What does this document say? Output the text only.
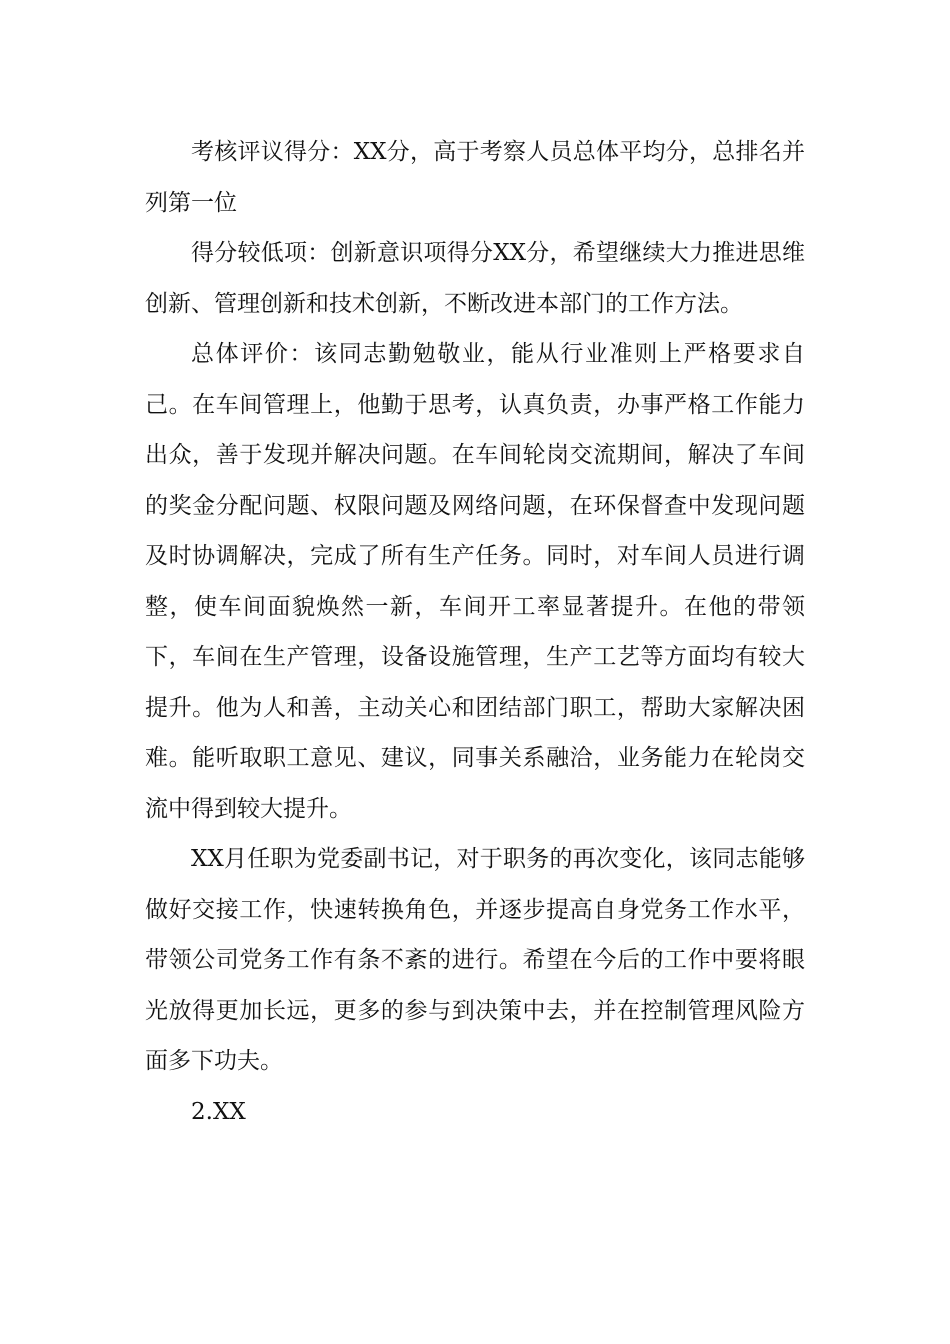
考核评议得分：XX分，高于考察人员总体平均分，总排名并列第一位

得分较低项：创新意识项得分XX分，希望继续大力推进思维创新、管理创新和技术创新，不断改进本部门的工作方法。

总体评价：该同志勤勉敬业，能从行业准则上严格要求自己。在车间管理上，他勤于思考，认真负责，办事严格工作能力出众，善于发现并解决问题。在车间轮岗交流期间，解决了车间的奖金分配问题、权限问题及网络问题，在环保督查中发现问题及时协调解决，完成了所有生产任务。同时，对车间人员进行调整，使车间面貌焕然一新，车间开工率显著提升。在他的带领下，车间在生产管理，设备设施管理，生产工艺等方面均有较大提升。他为人和善，主动关心和团结部门职工，帮助大家解决困难。能听取职工意见、建议，同事关系融洽，业务能力在轮岗交流中得到较大提升。

XX月任职为党委副书记，对于职务的再次变化，该同志能够做好交接工作，快速转换角色，并逐步提高自身党务工作水平，带领公司党务工作有条不紊的进行。希望在今后的工作中要将眼光放得更加长远，更多的参与到决策中去，并在控制管理风险方面多下功夫。

2.XX
